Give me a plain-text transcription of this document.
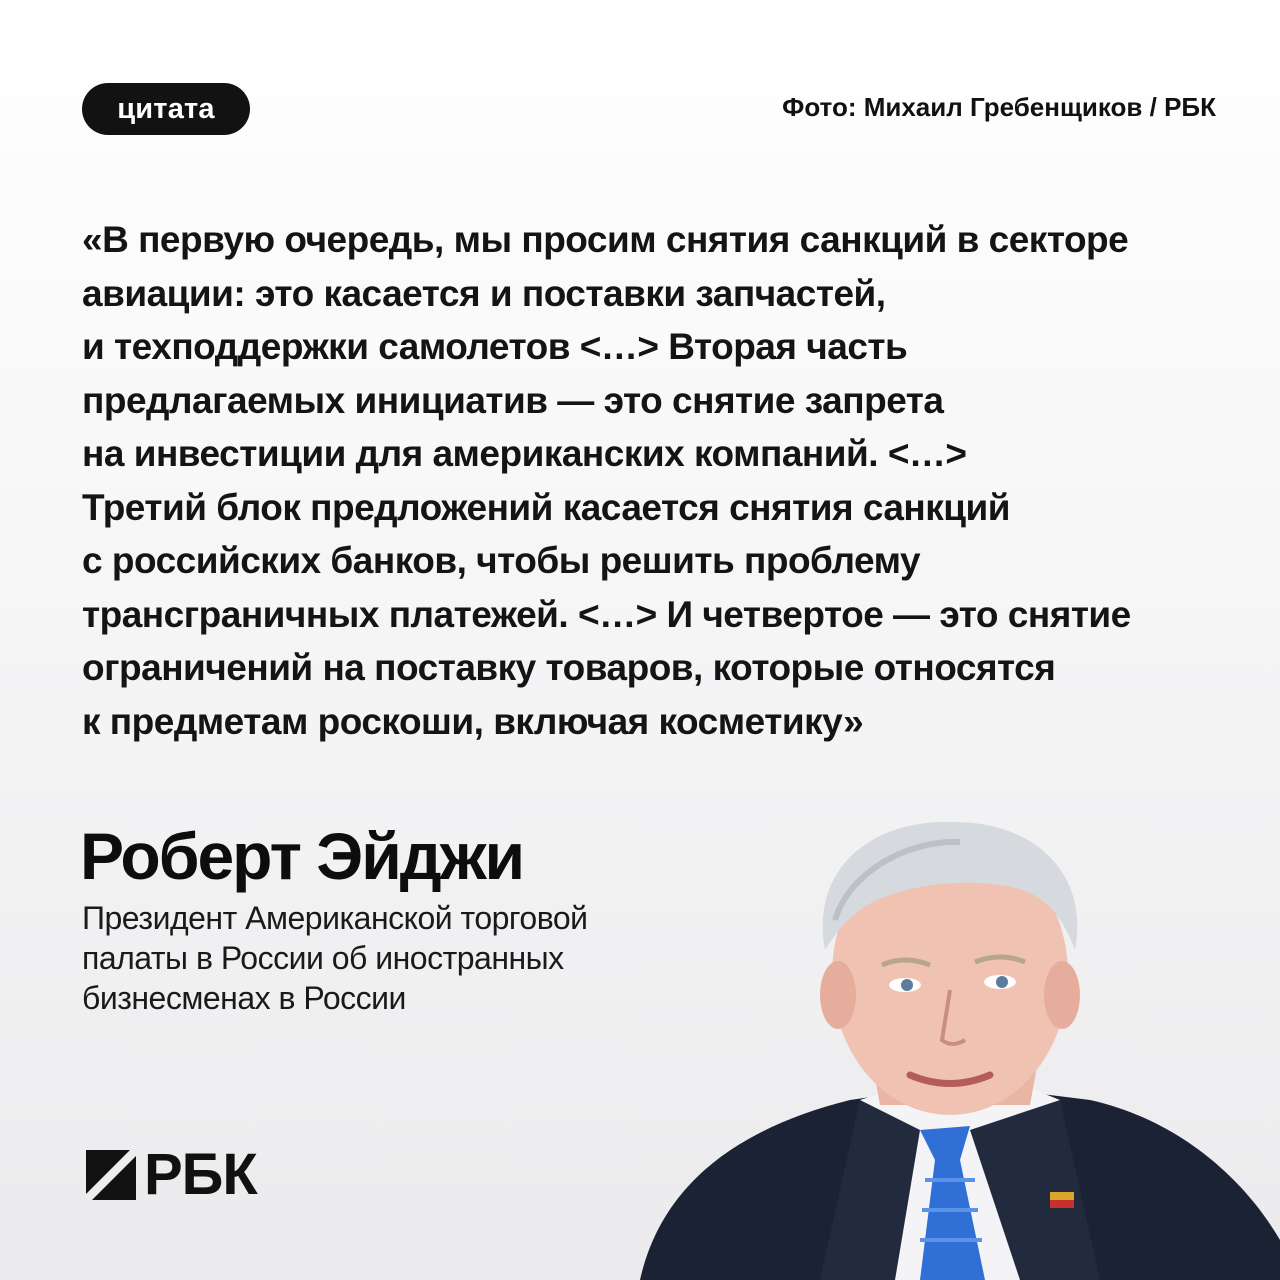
цитата	Фото: Михаил Гребенщиков / РБК
«В первую очередь, мы просим снятия санкций в секторе
авиации: это касается и поставки запчастей,
и техподдержки самолетов <…> Вторая часть
предлагаемых инициатив — это снятие запрета
на инвестиции для американских компаний. <…>
Третий блок предложений касается снятия санкций
с российских банков, чтобы решить проблему
трансграничных платежей. <…> И четвертое — это снятие
ограничений на поставку товаров, которые относятся
к предметам роскоши, включая косметику»
Роберт Эйджи
Президент Американской торговой
палаты в России об иностранных
бизнесменах в России
РБК
